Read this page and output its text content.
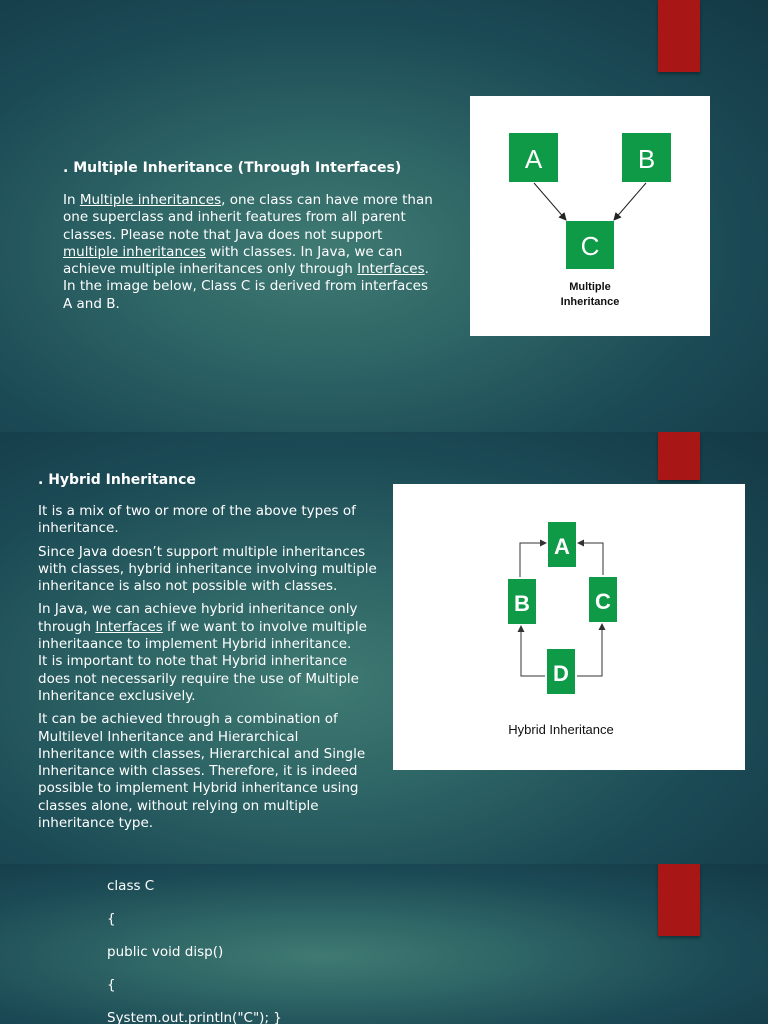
. Multiple Inheritance (Through Interfaces)

In Multiple inheritances, one class can have more than one superclass and inherit features from all parent classes. Please note that Java does not support multiple inheritances with classes. In Java, we can achieve multiple inheritances only through Interfaces. In the image below, Class C is derived from interfaces A and B.

A	B
C
Multiple
Inheritance
. Hybrid Inheritance

It is a mix of two or more of the above types of inheritance.

Since Java doesn’t support multiple inheritances with classes, hybrid inheritance involving multiple inheritance is also not possible with classes.

In Java, we can achieve hybrid inheritance only through Interfaces if we want to involve multiple inheritaance to implement Hybrid inheritance.
It is important to note that Hybrid inheritance does not necessarily require the use of Multiple Inheritance exclusively.

It can be achieved through a combination of Multilevel Inheritance and Hierarchical Inheritance with classes, Hierarchical and Single Inheritance with classes. Therefore, it is indeed possible to implement Hybrid inheritance using classes alone, without relying on multiple inheritance type.

A
B	C
D
Hybrid Inheritance
class C
{
public void disp()
{
System.out.println("C"); }
